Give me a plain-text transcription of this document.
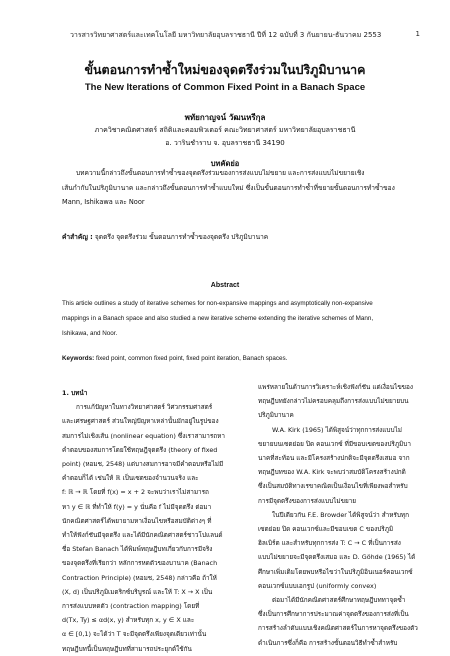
วารสารวิทยาศาสตร์และเทคโนโลยี มหาวิทยาลัยอุบลราชธานี ปีที่ 12 ฉบับที่ 3 กันยายน-ธันวาคม 2553	1
ขั้นตอนการทำซ้ำใหม่ของจุดตรึงร่วมในปริภูมิบานาค
The New Iterations of Common Fixed Point in a Banach Space
พทัยกาญจน์ วัฒนหรีกุล
ภาควิชาคณิตศาสตร์ สถิติและคอมพิวเตอร์ คณะวิทยาศาสตร์ มหาวิทยาลัยอุบลราชธานี
อ. วารินชำราบ จ. อุบลราชธานี 34190
บทคัดย่อ
บทความนี้กล่าวถึงขั้นตอนการทำซ้ำของจุดตรึงร่วมของการส่งแบบไม่ขยาย และการส่งแบบไม่ขยายเชิง
เส้นกำกับในปริภูมิบานาค และกล่าวถึงขั้นตอนการทำซ้ำแบบใหม่ ซึ่งเป็นขั้นตอนการทำซ้ำที่ขยายขั้นตอนการทำซ้ำของ
Mann, Ishikawa และ Noor
คำสำคัญ : จุดตรึง จุดตรึงร่วม ขั้นตอนการทำซ้ำของจุดตรึง ปริภูมิบานาค
Abstract
This article outlines a study of iterative schemes for non-expansive mappings and asymptotically non-expansive
mappings in a Banach space and also studied a new iterative scheme extending the iterative schemes of Mann,
Ishikawa, and Noor.
Keywords: fixed point, common fixed point, fixed point iteration, Banach spaces.
1. บทนำ
การแก้ปัญหาในทางวิทยาศาสตร์ วิศวกรรมศาสตร์
และเศรษฐศาสตร์ ส่วนใหญ่ปัญหาเหล่านั้นมักอยู่ในรูปของ
สมการไม่เชิงเส้น (nonlinear equation) ซึ่งเราสามารถหา
คำตอบของสมการโดยใช้ทฤษฎีจุดตรึง (theory of fixed
point) (หอมช, 2548) แต่บางสมการอาจมีคำตอบหรือไม่มี
คำตอบก็ได้ เช่นให้ ℝ เป็นเซตของจำนวนจริง และ
f: ℝ → ℝ โดยที่ f(x) = x + 2 จะพบว่าเราไม่สามารถ
หา y ∈ ℝ ที่ทำให้ f(y) = y นั่นคือ f ไม่มีจุดตรึง ต่อมา
นักคณิตศาสตร์ได้พยายามหาเงื่อนไขหรือสมบัติต่างๆ ที่
ทำให้ฟังก์ชันมีจุดตรึง และได้มีนักคณิตศาสตร์ชาวโปแลนด์
ชื่อ Stefan Banach ได้พิมพ์ทฤษฎีบทเกี่ยวกับการมีจริง
ของจุดตรึงที่เรียกว่า หลักการหดตัวของบานาค (Banach
Contraction Principle) (หอมช, 2548) กล่าวคือ ถ้าให้
(X, d) เป็นปริภูมิเมตริกซ์บริบูรณ์ และให้ T: X → X เป็น
การส่งแบบหดตัว (contraction mapping) โดยที่
d(Tx, Ty) ≤ αd(x, y) สำหรับทุก x, y ∈ X และ
α ∈ [0,1) จะได้ว่า T จะมีจุดตรึงเพียงจุดเดียวเท่านั้น
ทฤษฎีบทนี้เป็นทฤษฎีบทที่สามารถประยุกต์ใช้กัน
แพร่หลายในด้านการวิเคราะห์เชิงฟังก์ชัน แต่เงื่อนไขของ
ทฤษฎีบทยังกล่าวไม่ครอบคลุมถึงการส่งแบบไม่ขยายบน
ปริภูมิบานาค
W.A. Kirk (1965) ได้พิสูจน์ว่าทุกการส่งแบบไม่
ขยายบนเซตย่อย ปิด คอนเวกซ์ ที่มีขอบเขตของปริภูมิบา
นาคที่สะท้อน และมีโครงสร้างปกติจะมีจุดตรึงเสมอ จาก
ทฤษฎีบทของ W.A. Kirk จะพบว่าสมบัติโครงสร้างปกติ
ซึ่งเป็นสมบัติทางเรขาคณิตเป็นเงื่อนไขที่เพียงพอสำหรับ
การมีจุดตรึงของการส่งแบบไม่ขยาย
ในปีเดียวกัน F.E. Browder ได้พิสูจน์ว่า สำหรับทุก
เซตย่อย ปิด คอนเวกซ์และมีขอบเขต C ของปริภูมิ
ฮิลเบิร์ต และสำหรับทุกการส่ง T: C → C ที่เป็นการส่ง
แบบไม่ขยายจะมีจุดตรึงเสมอ และ D. Göhde (1965) ได้
ศึกษาเพิ่มเติมโดยพบหรือไขว่าในปริภูมิอินเนอร์คอนเวกซ์
คอนเวกซ์แบบเอกรูป (uniformly convex)
ต่อมาได้มีนักคณิตศาสตร์ศึกษาทฤษฎีบททาจุดซ้ำ
ซึ่งเป็นการศึกษาการประมาณค่าจุดตรึงของการส่งที่เป็น
การสร้างลำดับแบบเชิงคณิตศาสตร์ในการหาจุดตรึงของตัว
ดำเนินการซึ่งก็คือ การสร้างขั้นตอนวิธีทำซ้ำสำหรับ
